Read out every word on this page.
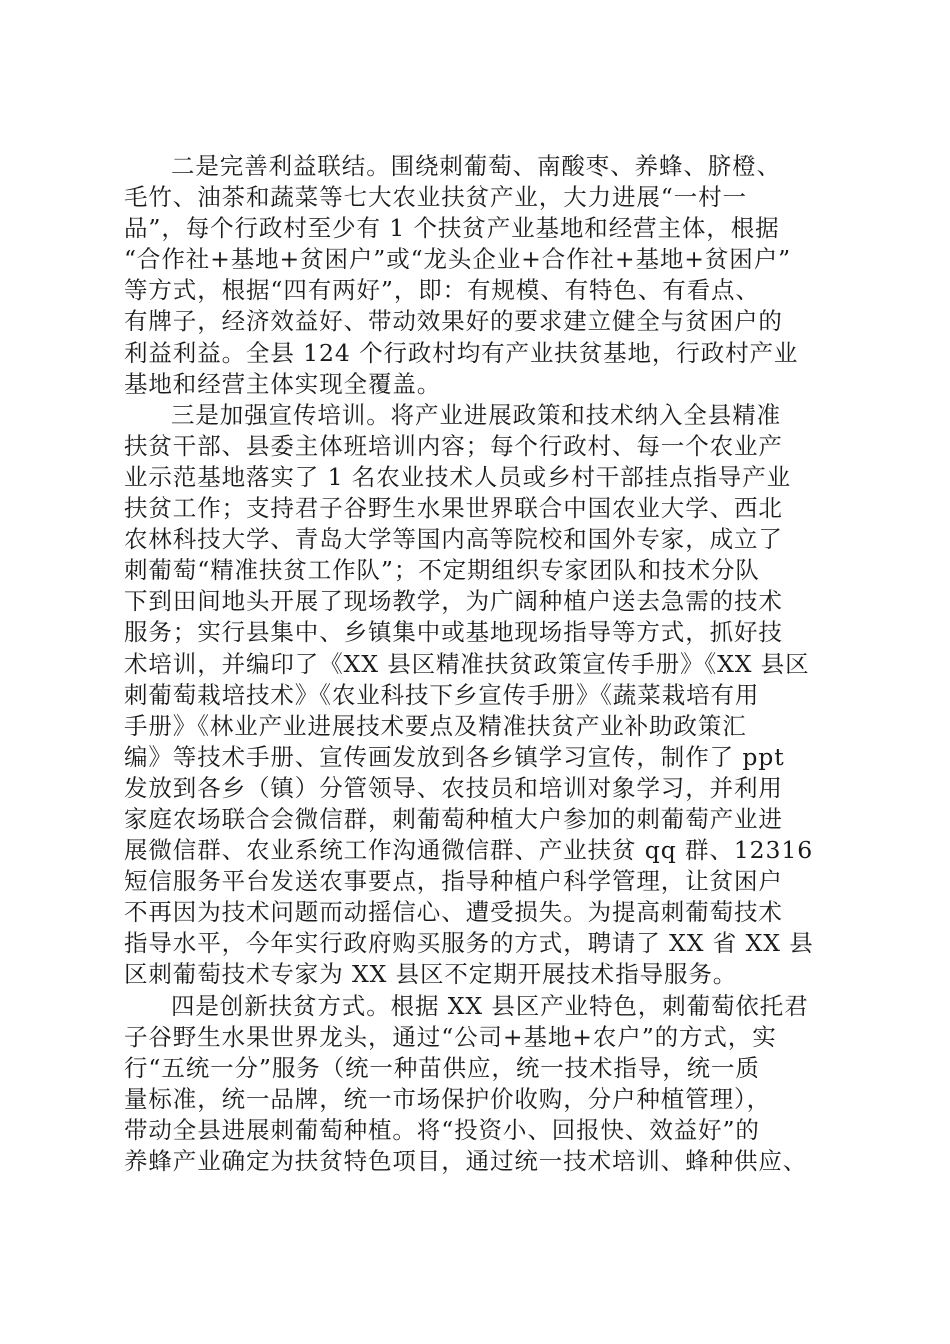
二是完善利益联结。围绕刺葡萄、南酸枣、养蜂、脐橙、
毛竹、油茶和蔬菜等七大农业扶贫产业，大力进展“一村一
品”，每个行政村至少有 1 个扶贫产业基地和经营主体，根据
“合作社+基地+贫困户”或“龙头企业+合作社+基地+贫困户”
等方式，根据“四有两好”，即：有规模、有特色、有看点、
有牌子，经济效益好、带动效果好的要求建立健全与贫困户的
利益利益。全县 124 个行政村均有产业扶贫基地，行政村产业
基地和经营主体实现全覆盖。
三是加强宣传培训。将产业进展政策和技术纳入全县精准
扶贫干部、县委主体班培训内容；每个行政村、每一个农业产
业示范基地落实了 1 名农业技术人员或乡村干部挂点指导产业
扶贫工作；支持君子谷野生水果世界联合中国农业大学、西北
农林科技大学、青岛大学等国内高等院校和国外专家，成立了
刺葡萄“精准扶贫工作队”；不定期组织专家团队和技术分队
下到田间地头开展了现场教学，为广阔种植户送去急需的技术
服务；实行县集中、乡镇集中或基地现场指导等方式，抓好技
术培训，并编印了《XX 县区精准扶贫政策宣传手册》《XX 县区
刺葡萄栽培技术》《农业科技下乡宣传手册》《蔬菜栽培有用
手册》《林业产业进展技术要点及精准扶贫产业补助政策汇
编》等技术手册、宣传画发放到各乡镇学习宣传，制作了 ppt
发放到各乡（镇）分管领导、农技员和培训对象学习，并利用
家庭农场联合会微信群，刺葡萄种植大户参加的刺葡萄产业进
展微信群、农业系统工作沟通微信群、产业扶贫 qq 群、12316
短信服务平台发送农事要点，指导种植户科学管理，让贫困户
不再因为技术问题而动摇信心、遭受损失。为提高刺葡萄技术
指导水平，今年实行政府购买服务的方式，聘请了 XX 省 XX 县
区刺葡萄技术专家为 XX 县区不定期开展技术指导服务。
四是创新扶贫方式。根据 XX 县区产业特色，刺葡萄依托君
子谷野生水果世界龙头，通过“公司+基地+农户”的方式，实
行“五统一分”服务（统一种苗供应，统一技术指导，统一质
量标准，统一品牌，统一市场保护价收购，分户种植管理），
带动全县进展刺葡萄种植。将“投资小、回报快、效益好”的
养蜂产业确定为扶贫特色项目，通过统一技术培训、蜂种供应、
